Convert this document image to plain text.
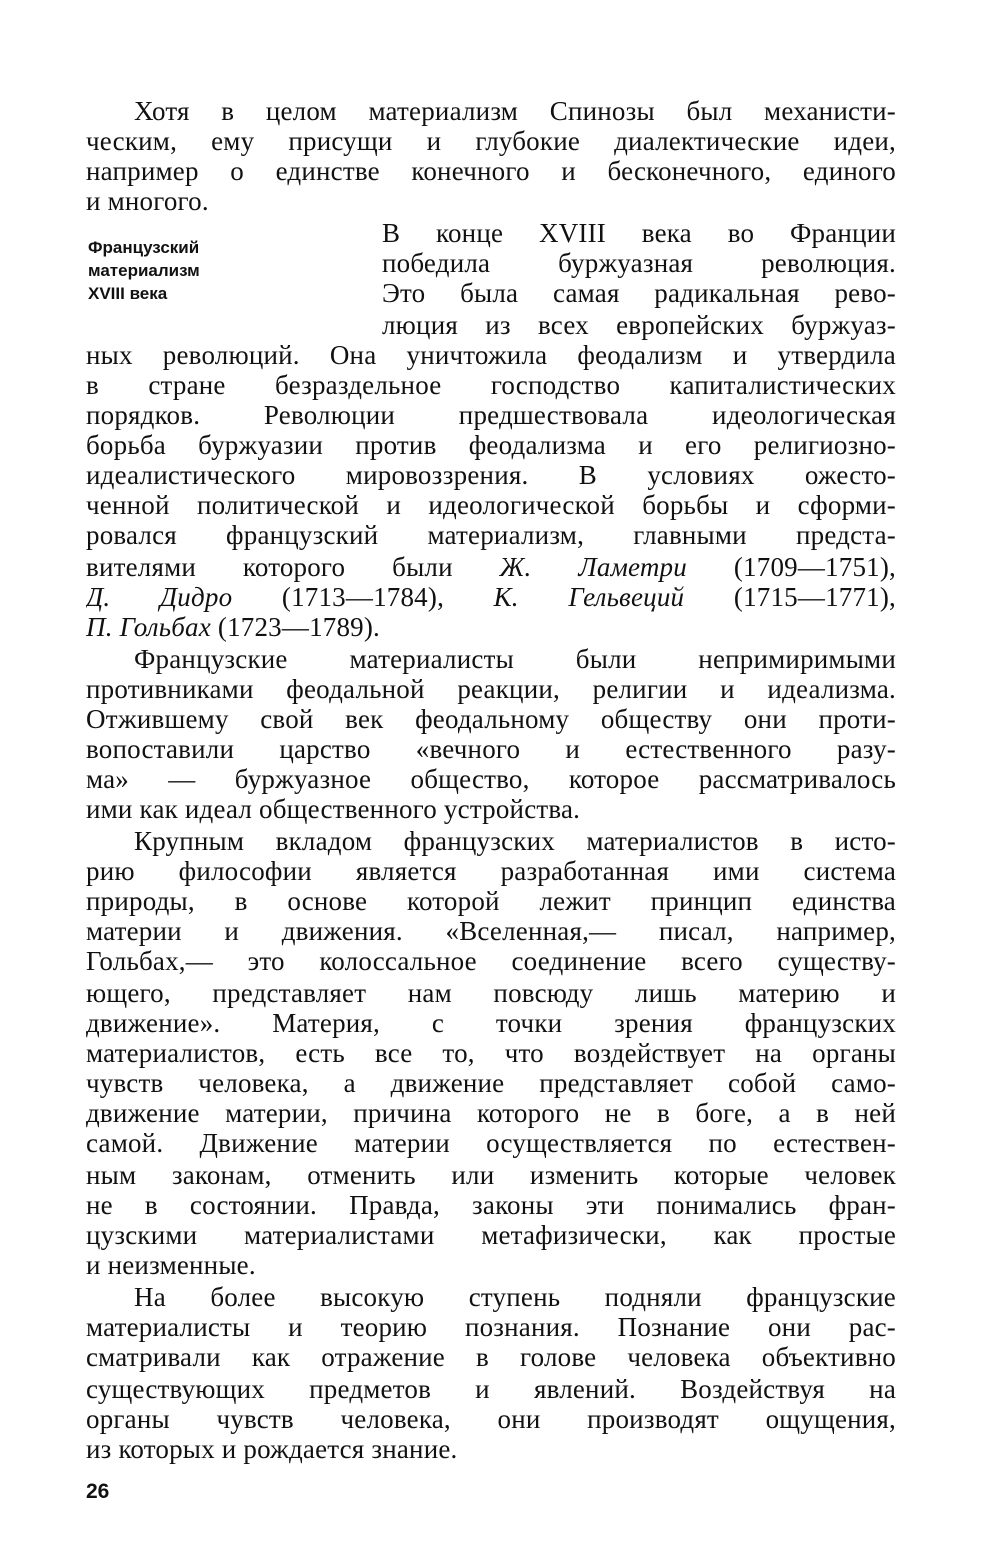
Хотя в целом материализм Спинозы был механисти-
ческим, ему присущи и глубокие диалектические идеи,
например о единстве конечного и бесконечного, единого
и многого.
Французский
материализм
XVIII века
В конце XVIII века во Франции
победила буржуазная революция.
Это была самая радикальная рево-
люция из всех европейских буржуаз-
ных революций. Она уничтожила феодализм и утвердила
в стране безраздельное господство капиталистических
порядков. Революции предшествовала идеологическая
борьба буржуазии против феодализма и его религиозно-
идеалистического мировоззрения. В условиях ожесто-
ченной политической и идеологической борьбы и сформи-
ровался французский материализм, главными предста-
вителями которого были Ж. Ламетри (1709—1751),
Д. Дидро (1713—1784), К. Гельвеций (1715—1771),
П. Гольбах (1723—1789).
Французские материалисты были непримиримыми
противниками феодальной реакции, религии и идеализма.
Отжившему свой век феодальному обществу они проти-
вопоставили царство «вечного и естественного разу-
ма» — буржуазное общество, которое рассматривалось
ими как идеал общественного устройства.
Крупным вкладом французских материалистов в исто-
рию философии является разработанная ими система
природы, в основе которой лежит принцип единства
материи и движения. «Вселенная,— писал, например,
Гольбах,— это колоссальное соединение всего существу-
ющего, представляет нам повсюду лишь материю и
движение». Материя, с точки зрения французских
материалистов, есть все то, что воздействует на органы
чувств человека, а движение представляет собой само-
движение материи, причина которого не в боге, а в ней
самой. Движение материи осуществляется по естествен-
ным законам, отменить или изменить которые человек
не в состоянии. Правда, законы эти понимались фран-
цузскими материалистами метафизически, как простые
и неизменные.
На более высокую ступень подняли французские
материалисты и теорию познания. Познание они рас-
сматривали как отражение в голове человека объективно
существующих предметов и явлений. Воздействуя на
органы чувств человека, они производят ощущения,
из которых и рождается знание.
26
